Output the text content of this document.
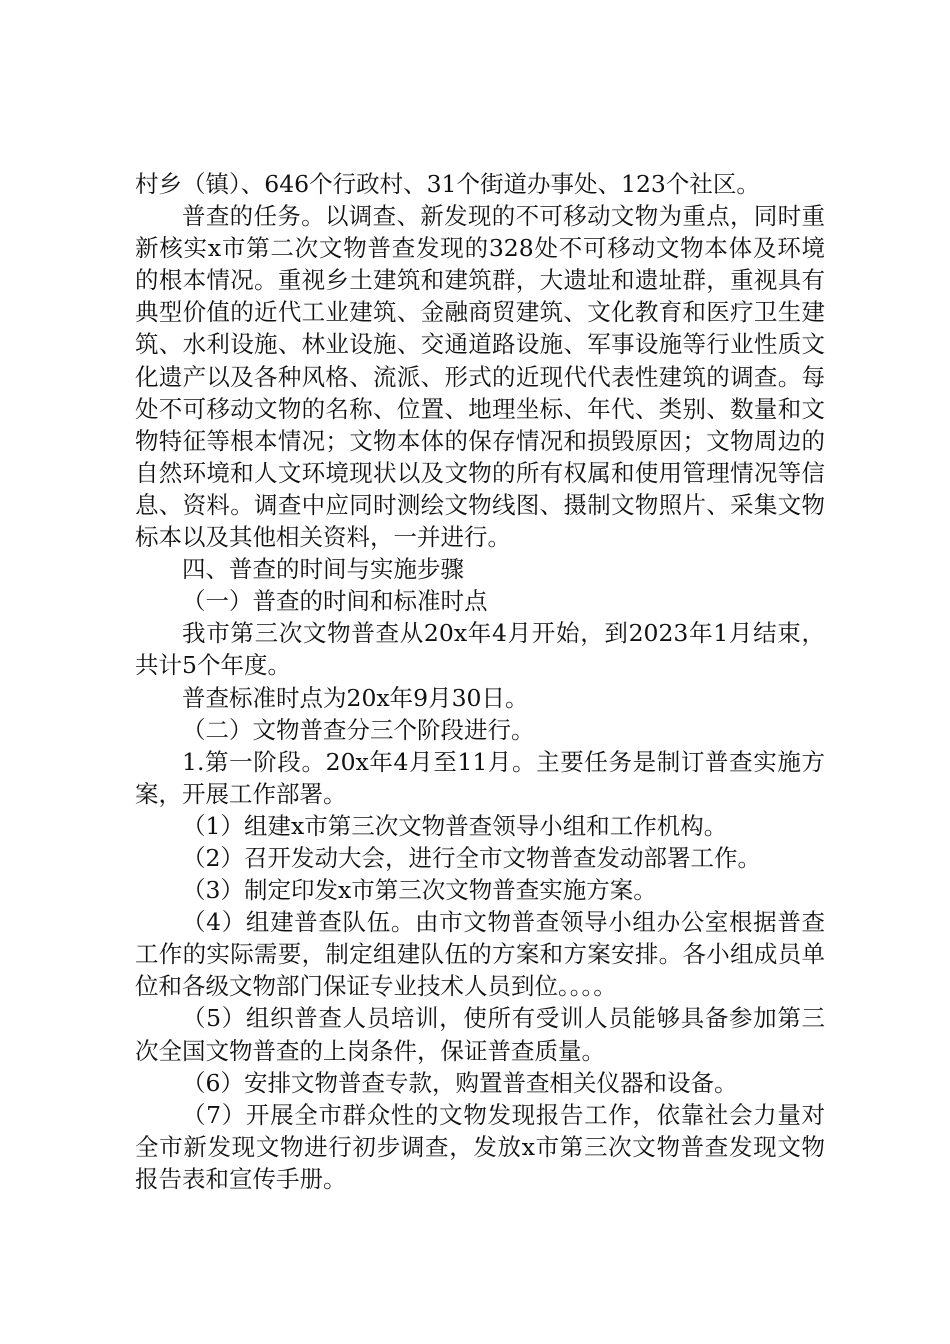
村乡（镇）、646个行政村、31个街道办事处、123个社区。

普查的任务。以调查、新发现的不可移动文物为重点，同时重新核实x市第二次文物普查发现的328处不可移动文物本体及环境的根本情况。重视乡土建筑和建筑群，大遗址和遗址群，重视具有典型价值的近代工业建筑、金融商贸建筑、文化教育和医疗卫生建筑、水利设施、林业设施、交通道路设施、军事设施等行业性质文化遗产以及各种风格、流派、形式的近现代代表性建筑的调查。每处不可移动文物的名称、位置、地理坐标、年代、类别、数量和文物特征等根本情况；文物本体的保存情况和损毁原因；文物周边的自然环境和人文环境现状以及文物的所有权属和使用管理情况等信息、资料。调查中应同时测绘文物线图、摄制文物照片、采集文物标本以及其他相关资料，一并进行。

四、普查的时间与实施步骤

（一）普查的时间和标准时点

我市第三次文物普查从20x年4月开始，到2023年1月结束，共计5个年度。

普查标准时点为20x年9月30日。

（二）文物普查分三个阶段进行。

1.第一阶段。20x年4月至11月。主要任务是制订普查实施方案，开展工作部署。

（1）组建x市第三次文物普查领导小组和工作机构。

（2）召开发动大会，进行全市文物普查发动部署工作。

（3）制定印发x市第三次文物普查实施方案。

（4）组建普查队伍。由市文物普查领导小组办公室根据普查工作的实际需要，制定组建队伍的方案和方案安排。各小组成员单位和各级文物部门保证专业技术人员到位。。。。

（5）组织普查人员培训，使所有受训人员能够具备参加第三次全国文物普查的上岗条件，保证普查质量。

（6）安排文物普查专款，购置普查相关仪器和设备。

（7）开展全市群众性的文物发现报告工作，依靠社会力量对全市新发现文物进行初步调查，发放x市第三次文物普查发现文物报告表和宣传手册。
